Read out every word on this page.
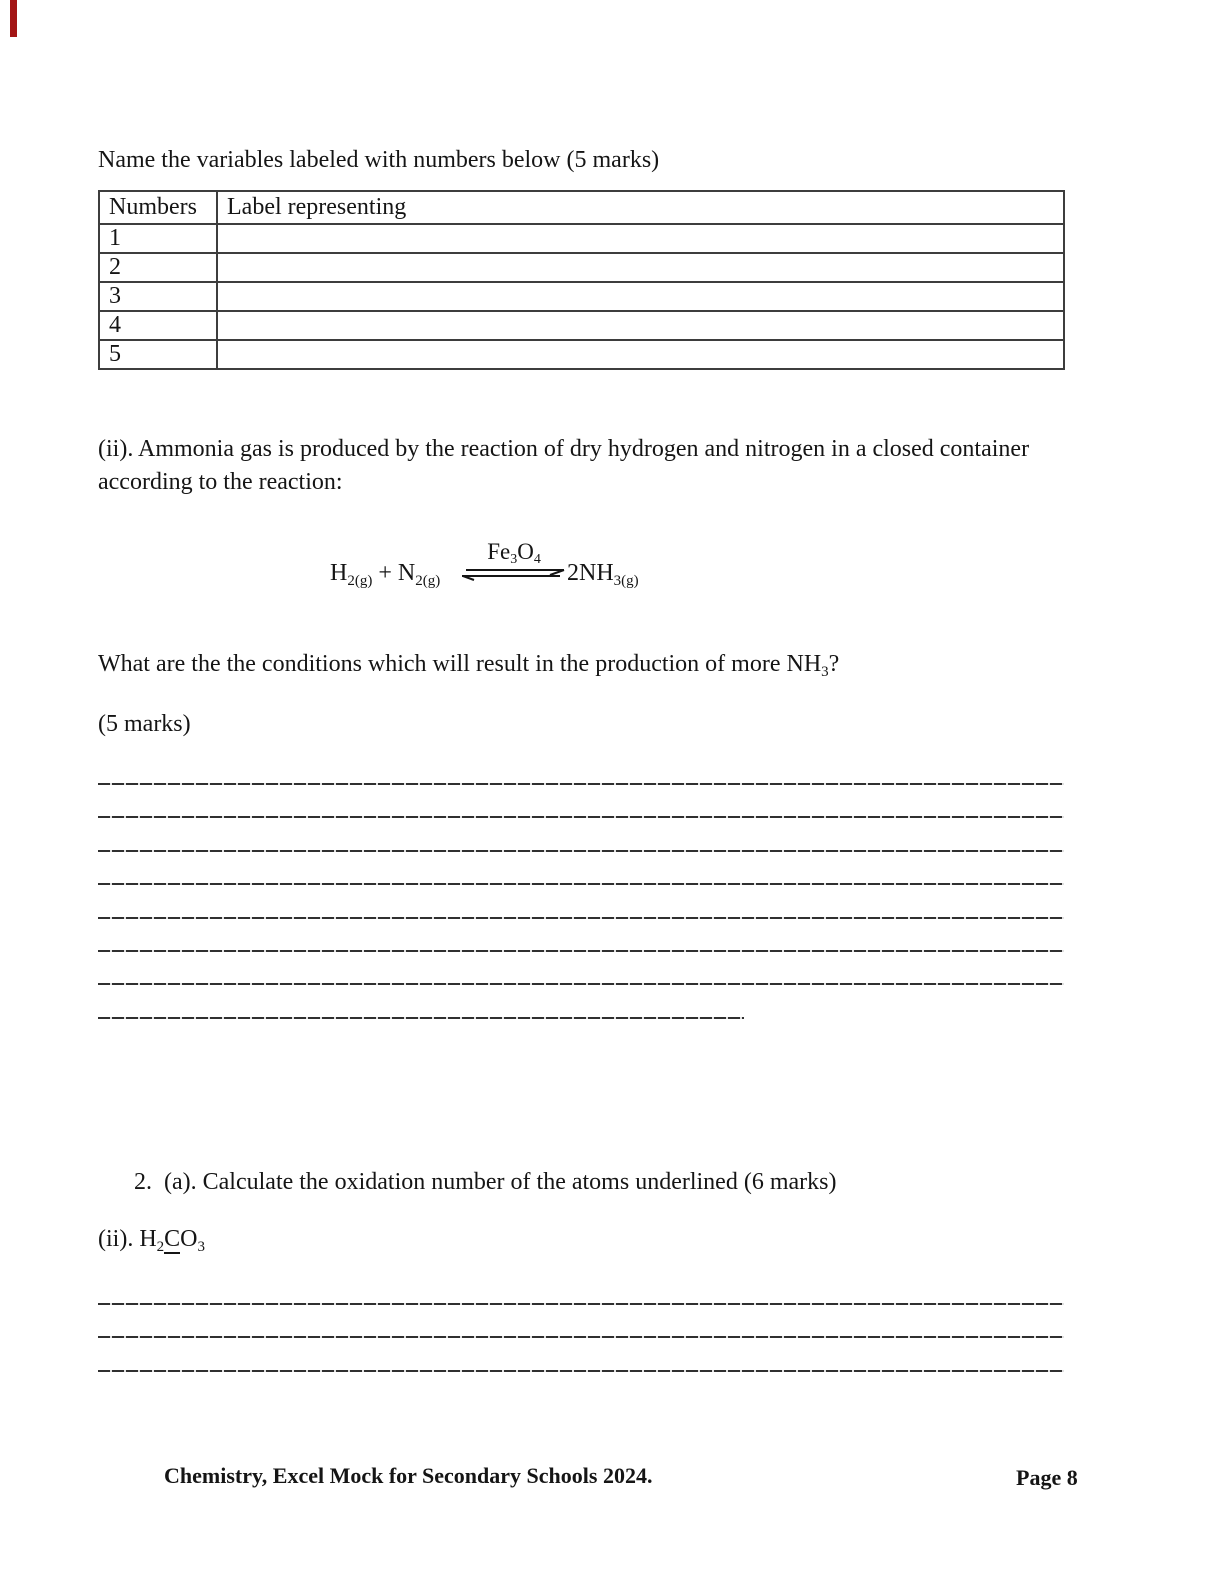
Name the variables labeled with numbers below (5 marks)
Numbers	Label representing
1	
2	
3	
4	
5	
(ii). Ammonia gas is produced by the reaction of dry hydrogen and nitrogen in a closed container according to the reaction:
$H_{2(g)} + N_{2(g)}$
$Fe_3O_4$
$2NH_{3(g)}$
What are the the conditions which will result in the production of more $NH_3$?
(5 marks)
2.  (a). Calculate the oxidation number of the atoms underlined (6 marks)
(ii). $H_2CO_3$
Chemistry, Excel Mock for Secondary Schools 2024.	Page 8
